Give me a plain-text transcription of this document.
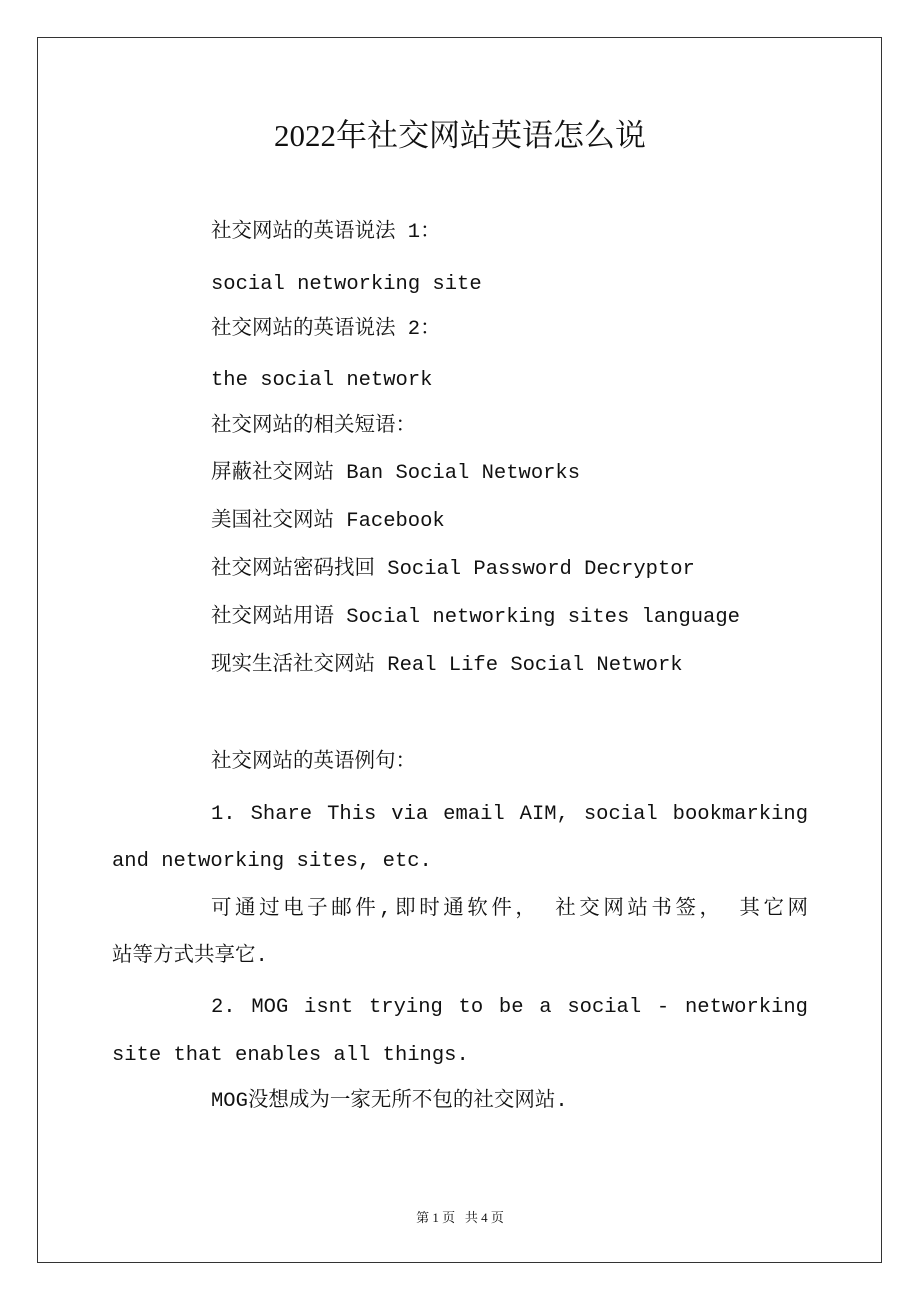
2022年社交网站英语怎么说
社交网站的英语说法 1：
social networking site
社交网站的英语说法 2：
the social network
社交网站的相关短语：
屏蔽社交网站 Ban Social Networks
美国社交网站 Facebook
社交网站密码找回 Social Password Decryptor
社交网站用语 Social networking sites language
现实生活社交网站 Real Life Social Network
社交网站的英语例句：
1. Share This via email AIM, social bookmarking
and networking sites, etc.
可通过电子邮件,即时通软件， 社交网站书签， 其它网
站等方式共享它.
2. MOG isnt trying to be a social - networking
site that enables all things.
MOG没想成为一家无所不包的社交网站.
第 1 页   共 4 页
